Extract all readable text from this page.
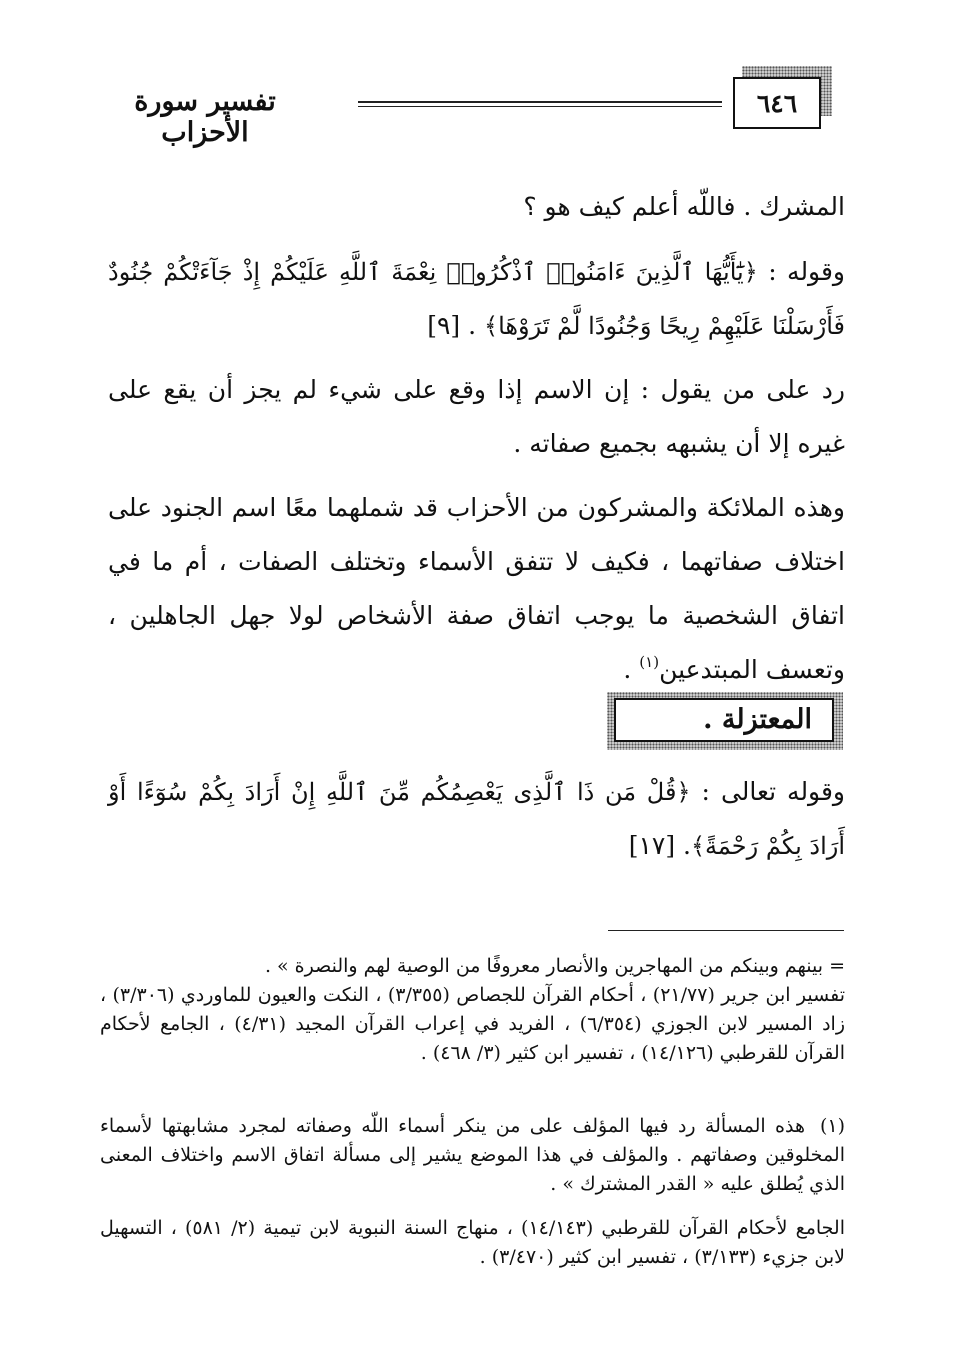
تفسير سورة الأحزاب
٦٤٦
المشرك . فاللّه أعلم كيف هو ؟
وقوله : ﴿يَٰٓأَيُّهَا ٱلَّذِينَ ءَامَنُوا۟ ٱذْكُرُوا۟ نِعْمَةَ ٱللَّهِ عَلَيْكُمْ إِذْ جَآءَتْكُمْ جُنُودٌ فَأَرْسَلْنَا عَلَيْهِمْ رِيحًا وَجُنُودًا لَّمْ تَرَوْهَا﴾ . [٩]
رد على من يقول : إن الاسم إذا وقع على شيء لم يجز أن يقع على غيره إلا أن يشبهه بجميع صفاته .
وهذه الملائكة والمشركون من الأحزاب قد شملهما معًا اسم الجنود على اختلاف صفاتهما ، فكيف لا تتفق الأسماء وتختلف الصفات ، أم ما في اتفاق الشخصية ما يوجب اتفاق صفة الأشخاص لولا جهل الجاهلين ، وتعسف المبتدعين$^{(١)}$ .
المعتزلة .
وقوله تعالى : ﴿قُلْ مَن ذَا ٱلَّذِى يَعْصِمُكُم مِّنَ ٱللَّهِ إِنْ أَرَادَ بِكُمْ سُوٓءًا أَوْ أَرَادَ بِكُمْ رَحْمَةً﴾. [١٧]
= بينهم وبينكم من المهاجرين والأنصار معروفًا من الوصية لهم والنصرة » .
تفسير ابن جرير (٢١/٧٧) ، أحكام القرآن للجصاص (٣/٣٥٥) ، النكت والعيون للماوردي (٣/٣٠٦) ، زاد المسير لابن الجوزي (٦/٣٥٤) ، الفريد في إعراب القرآن المجيد (٤/٣١) ، الجامع لأحكام القرآن للقرطبي (١٤/١٢٦) ، تفسير ابن كثير (٣/ ٤٦٨) .
(١)هذه المسألة رد فيها المؤلف على من ينكر أسماء اللّه وصفاته لمجرد مشابهتها لأسماء المخلوقين وصفاتهم . والمؤلف في هذا الموضع يشير إلى مسألة اتفاق الاسم واختلاف المعنى الذي يُطلق عليه « القدر المشترك » .
الجامع لأحكام القرآن للقرطبي (١٤/١٤٣) ، منهاج السنة النبوية لابن تيمية (٢/ ٥٨١) ، التسهيل لابن جزيء (٣/١٣٣) ، تفسير ابن كثير (٣/٤٧٠) .
